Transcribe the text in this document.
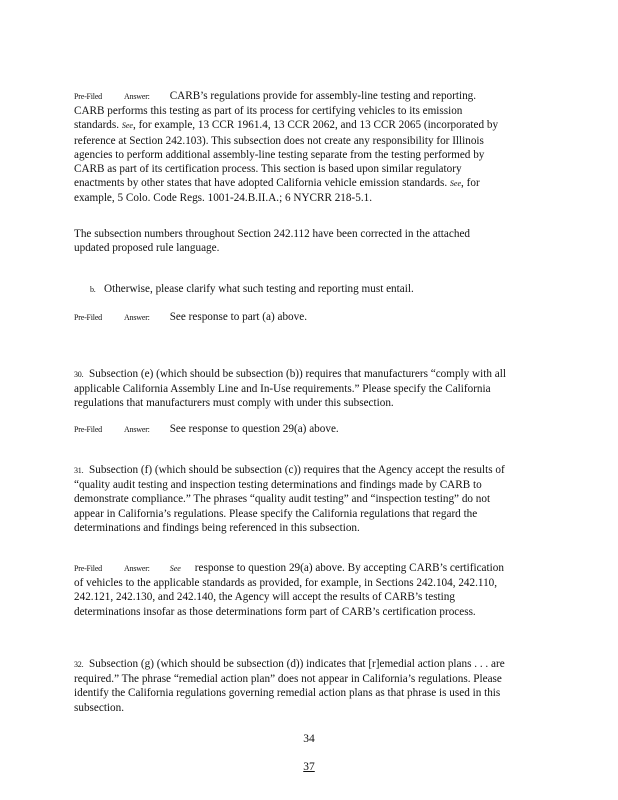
Pre-Filed	Answer: CARB’s regulations provide for assembly-line testing and reporting. CARB performs this testing as part of its process for certifying vehicles to its emission standards. See, for example, 13 CCR 1961.4, 13 CCR 2062, and 13 CCR 2065 (incorporated by reference at Section 242.103). This subsection does not create any responsibility for Illinois agencies to perform additional assembly-line testing separate from the testing performed by CARB as part of its certification process. This section is based upon similar regulatory enactments by other states that have adopted California vehicle emission standards. See, for example, 5 Colo. Code Regs. 1001-24.B.II.A.; 6 NYCRR 218-5.1.

The subsection numbers throughout Section 242.112 have been corrected in the attached updated proposed rule language.

b. Otherwise, please clarify what such testing and reporting must entail.

Pre-Filed	Answer: See response to part (a) above.

30. Subsection (e) (which should be subsection (b)) requires that manufacturers “comply with all applicable California Assembly Line and In-Use requirements.” Please specify the California regulations that manufacturers must comply with under this subsection.

Pre-Filed	Answer: See response to question 29(a) above.

31. Subsection (f) (which should be subsection (c)) requires that the Agency accept the results of “quality audit testing and inspection testing determinations and findings made by CARB to demonstrate compliance.” The phrases “quality audit testing” and “inspection testing” do not appear in California’s regulations. Please specify the California regulations that regard the determinations and findings being referenced in this subsection.

Pre-Filed	Answer:	See response to question 29(a) above. By accepting CARB’s certification of vehicles to the applicable standards as provided, for example, in Sections 242.104, 242.110, 242.121, 242.130, and 242.140, the Agency will accept the results of CARB’s testing determinations insofar as those determinations form part of CARB’s certification process.

32. Subsection (g) (which should be subsection (d)) indicates that [r]emedial action plans . . . are required.” The phrase “remedial action plan” does not appear in California’s regulations. Please identify the California regulations governing remedial action plans as that phrase is used in this subsection.

34
37
